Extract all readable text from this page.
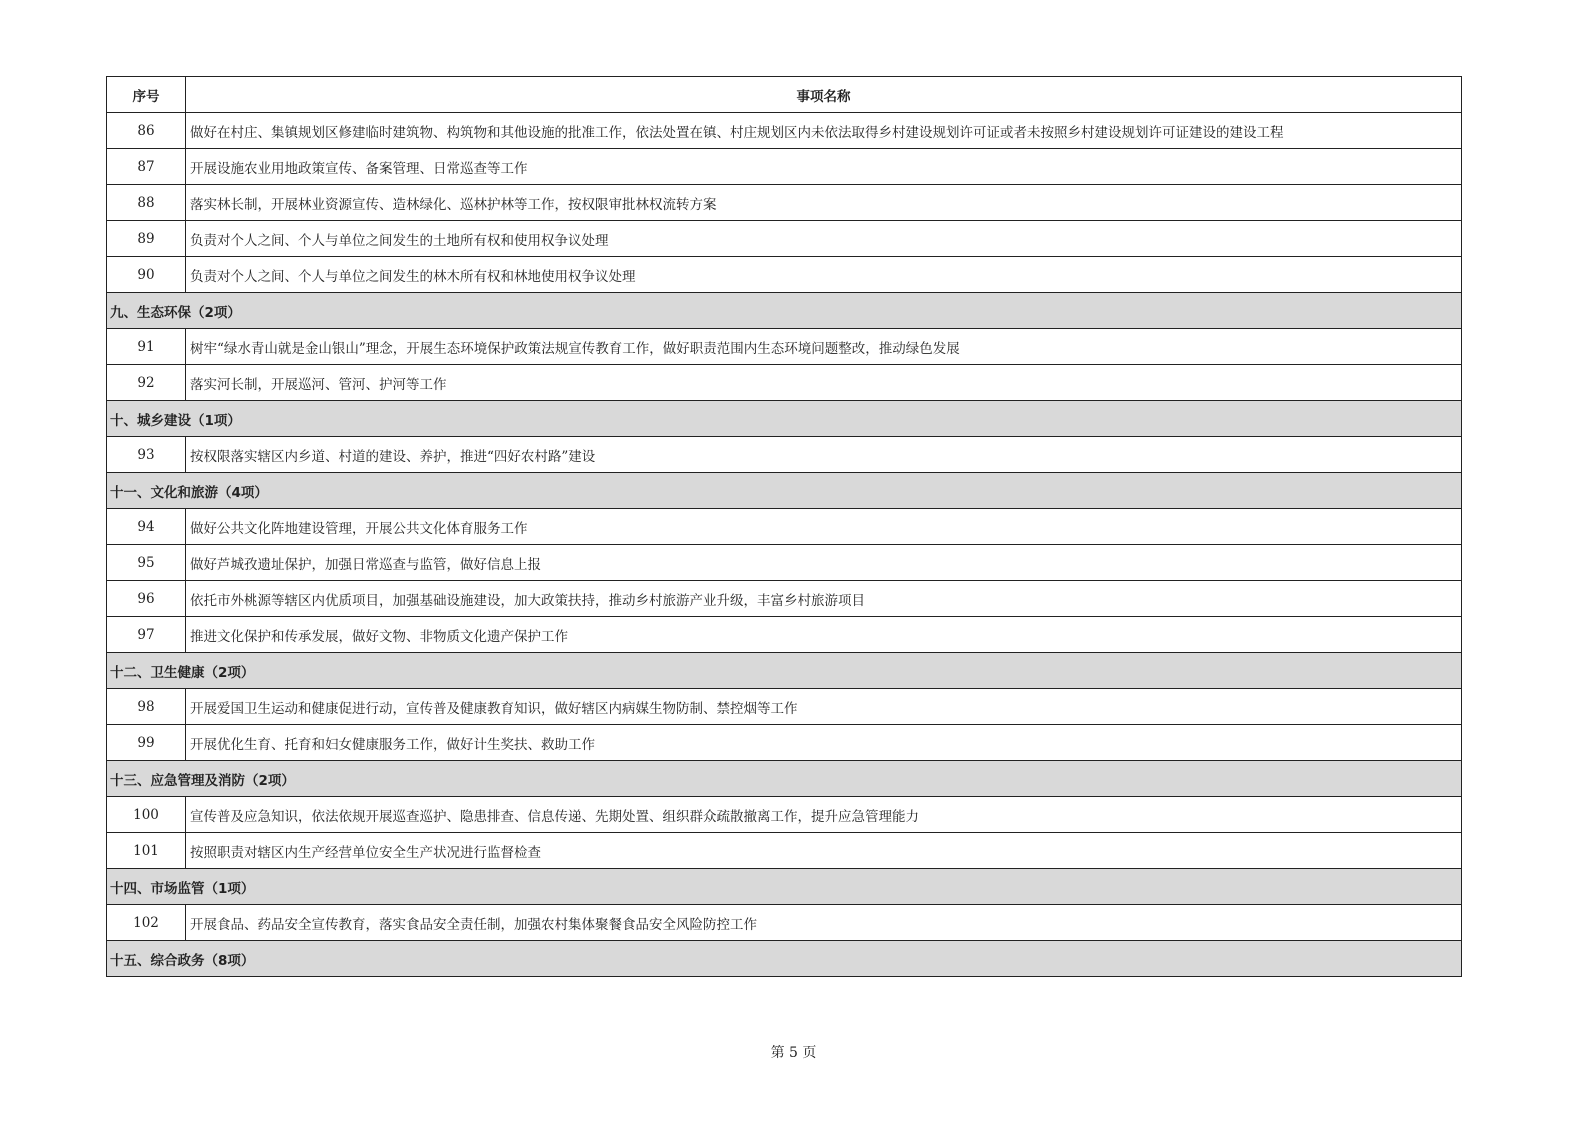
序号	事项名称
86	做好在村庄、集镇规划区修建临时建筑物、构筑物和其他设施的批准工作，依法处置在镇、村庄规划区内未依法取得乡村建设规划许可证或者未按照乡村建设规划许可证建设的建设工程
87	开展设施农业用地政策宣传、备案管理、日常巡查等工作
88	落实林长制，开展林业资源宣传、造林绿化、巡林护林等工作，按权限审批林权流转方案
89	负责对个人之间、个人与单位之间发生的土地所有权和使用权争议处理
90	负责对个人之间、个人与单位之间发生的林木所有权和林地使用权争议处理
九、生态环保（2项）	
91	树牢“绿水青山就是金山银山”理念，开展生态环境保护政策法规宣传教育工作，做好职责范围内生态环境问题整改，推动绿色发展
92	落实河长制，开展巡河、管河、护河等工作
十、城乡建设（1项）	
93	按权限落实辖区内乡道、村道的建设、养护，推进“四好农村路”建设
十一、文化和旅游（4项）	
94	做好公共文化阵地建设管理，开展公共文化体育服务工作
95	做好芦城孜遗址保护，加强日常巡查与监管，做好信息上报
96	依托市外桃源等辖区内优质项目，加强基础设施建设，加大政策扶持，推动乡村旅游产业升级，丰富乡村旅游项目
97	推进文化保护和传承发展，做好文物、非物质文化遗产保护工作
十二、卫生健康（2项）	
98	开展爱国卫生运动和健康促进行动，宣传普及健康教育知识，做好辖区内病媒生物防制、禁控烟等工作
99	开展优化生育、托育和妇女健康服务工作，做好计生奖扶、救助工作
十三、应急管理及消防（2项）	
100	宣传普及应急知识，依法依规开展巡查巡护、隐患排查、信息传递、先期处置、组织群众疏散撤离工作，提升应急管理能力
101	按照职责对辖区内生产经营单位安全生产状况进行监督检查
十四、市场监管（1项）	
102	开展食品、药品安全宣传教育，落实食品安全责任制，加强农村集体聚餐食品安全风险防控工作
十五、综合政务（8项）	
第 5 页
